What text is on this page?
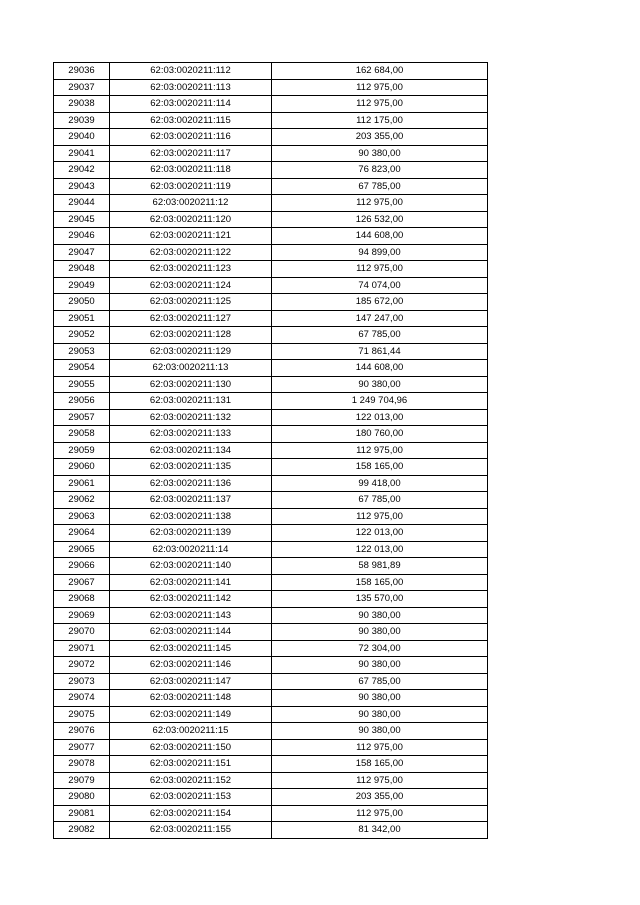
29036	62:03:0020211:112	162 684,00
29037	62:03:0020211:113	112 975,00
29038	62:03:0020211:114	112 975,00
29039	62:03:0020211:115	112 175,00
29040	62:03:0020211:116	203 355,00
29041	62:03:0020211:117	90 380,00
29042	62:03:0020211:118	76 823,00
29043	62:03:0020211:119	67 785,00
29044	62:03:0020211:12	112 975,00
29045	62:03:0020211:120	126 532,00
29046	62:03:0020211:121	144 608,00
29047	62:03:0020211:122	94 899,00
29048	62:03:0020211:123	112 975,00
29049	62:03:0020211:124	74 074,00
29050	62:03:0020211:125	185 672,00
29051	62:03:0020211:127	147 247,00
29052	62:03:0020211:128	67 785,00
29053	62:03:0020211:129	71 861,44
29054	62:03:0020211:13	144 608,00
29055	62:03:0020211:130	90 380,00
29056	62:03:0020211:131	1 249 704,96
29057	62:03:0020211:132	122 013,00
29058	62:03:0020211:133	180 760,00
29059	62:03:0020211:134	112 975,00
29060	62:03:0020211:135	158 165,00
29061	62:03:0020211:136	99 418,00
29062	62:03:0020211:137	67 785,00
29063	62:03:0020211:138	112 975,00
29064	62:03:0020211:139	122 013,00
29065	62:03:0020211:14	122 013,00
29066	62:03:0020211:140	58 981,89
29067	62:03:0020211:141	158 165,00
29068	62:03:0020211:142	135 570,00
29069	62:03:0020211:143	90 380,00
29070	62:03:0020211:144	90 380,00
29071	62:03:0020211:145	72 304,00
29072	62:03:0020211:146	90 380,00
29073	62:03:0020211:147	67 785,00
29074	62:03:0020211:148	90 380,00
29075	62:03:0020211:149	90 380,00
29076	62:03:0020211:15	90 380,00
29077	62:03:0020211:150	112 975,00
29078	62:03:0020211:151	158 165,00
29079	62:03:0020211:152	112 975,00
29080	62:03:0020211:153	203 355,00
29081	62:03:0020211:154	112 975,00
29082	62:03:0020211:155	81 342,00
